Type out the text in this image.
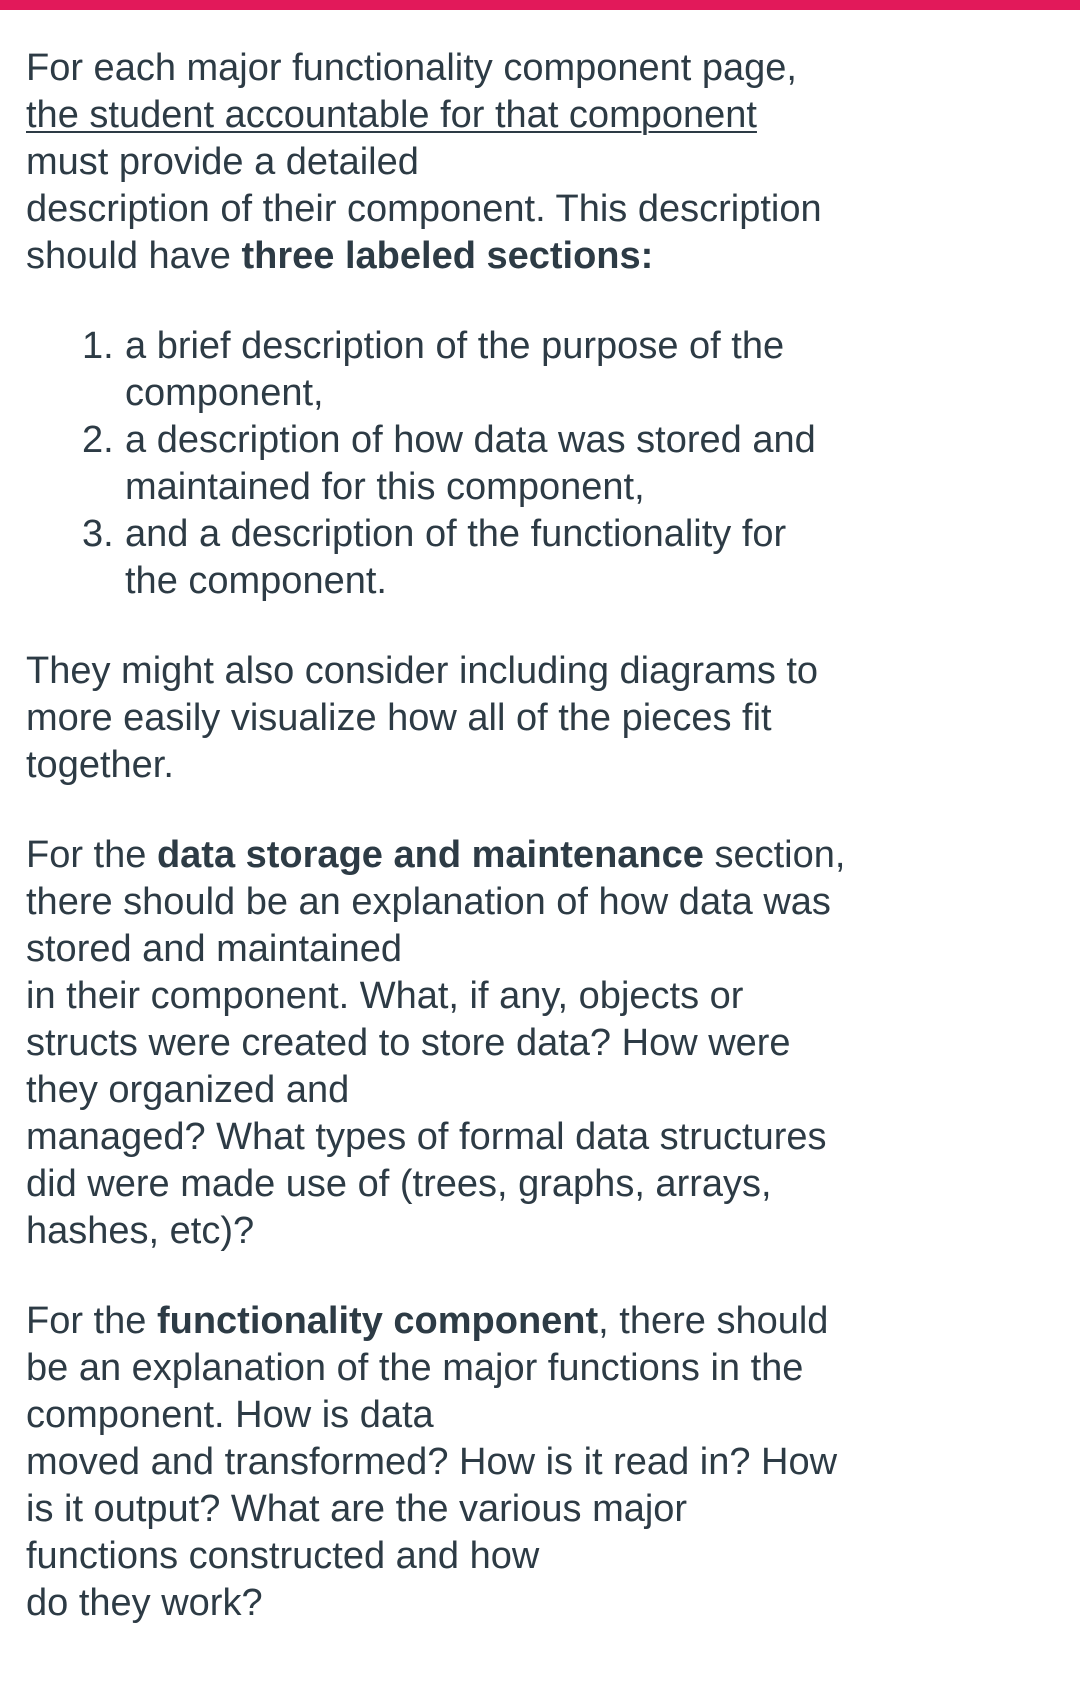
For each major functionality component page,
the student accountable for that component
must provide a detailed
description of their component. This description
should have three labeled sections:

1. a brief description of the purpose of the
component,
2. a description of how data was stored and
maintained for this component,
3. and a description of the functionality for
the component.

They might also consider including diagrams to
more easily visualize how all of the pieces fit
together.

For the data storage and maintenance section,
there should be an explanation of how data was
stored and maintained
in their component. What, if any, objects or
structs were created to store data? How were
they organized and
managed? What types of formal data structures
did were made use of (trees, graphs, arrays,
hashes, etc)?

For the functionality component, there should
be an explanation of the major functions in the
component. How is data
moved and transformed? How is it read in? How
is it output? What are the various major
functions constructed and how
do they work?
